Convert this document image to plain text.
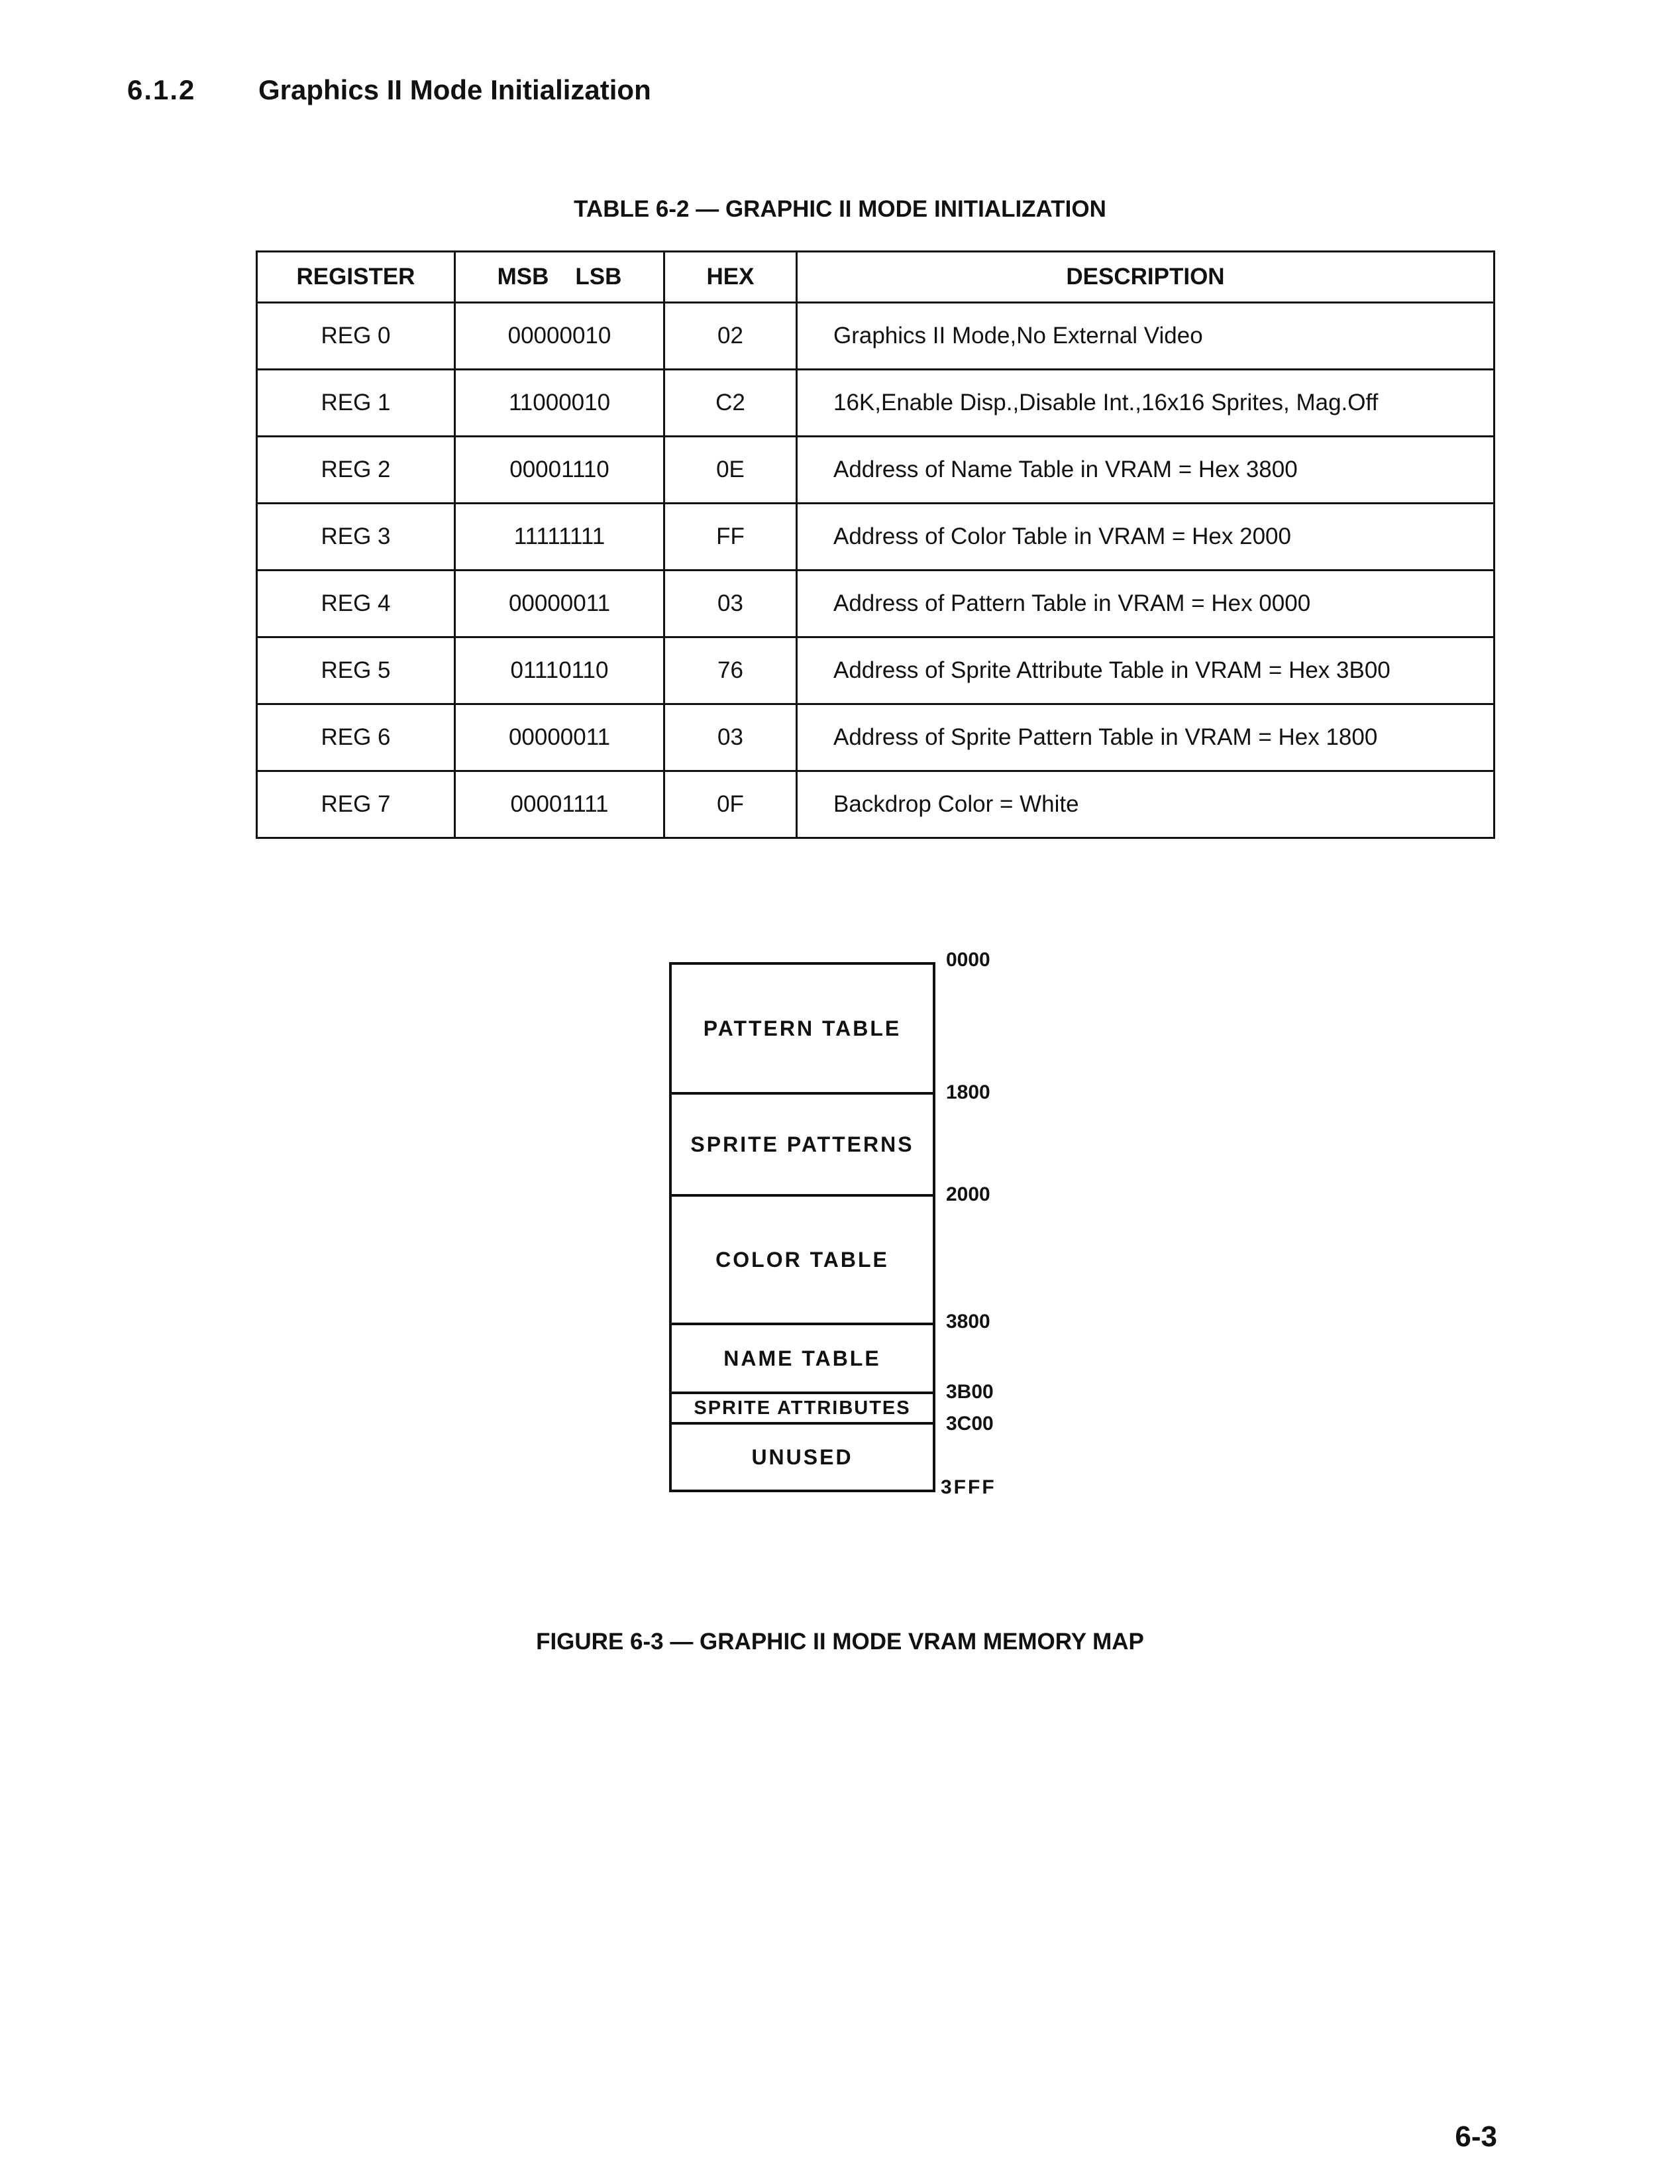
6.1.2 Graphics II Mode Initialization
TABLE 6-2 — GRAPHIC II MODE INITIALIZATION
REGISTER	MSB LSB	HEX	DESCRIPTION
REG 0	00000010	02	Graphics II Mode,No External Video
REG 1	11000010	C2	16K,Enable Disp.,Disable Int.,16x16 Sprites, Mag.Off
REG 2	00001110	0E	Address of Name Table in VRAM = Hex 3800
REG 3	11111111	FF	Address of Color Table in VRAM = Hex 2000
REG 4	00000011	03	Address of Pattern Table in VRAM = Hex 0000
REG 5	01110110	76	Address of Sprite Attribute Table in VRAM = Hex 3B00
REG 6	00000011	03	Address of Sprite Pattern Table in VRAM = Hex 1800
REG 7	00001111	0F	Backdrop Color = White
PATTERN TABLE
SPRITE PATTERNS
COLOR TABLE
NAME TABLE
SPRITE ATTRIBUTES
UNUSED
0000
1800
2000
3800
3B00
3C00
3FFF
FIGURE 6-3 — GRAPHIC II MODE VRAM MEMORY MAP
6-3
